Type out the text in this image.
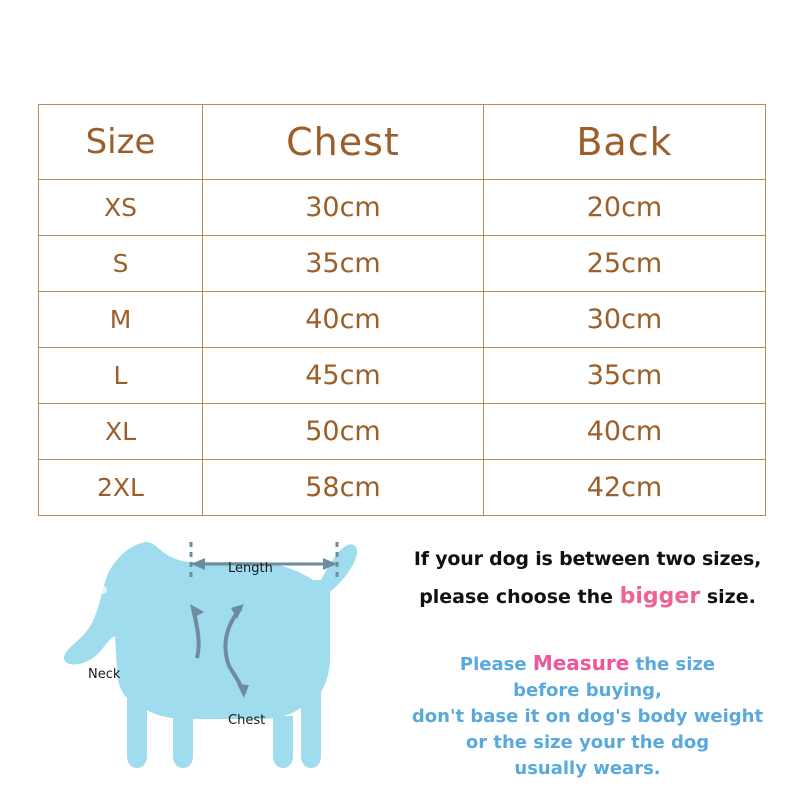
Size	Chest	Back
XS	30cm	20cm
S	35cm	25cm
M	40cm	30cm
L	45cm	35cm
XL	50cm	40cm
2XL	58cm	42cm
Length
Neck
Chest

If your dog is between two sizes,

please choose the bigger size.

Please Measure the size
before buying,
don't base it on dog's body weight
or the size your the dog
usually wears.
